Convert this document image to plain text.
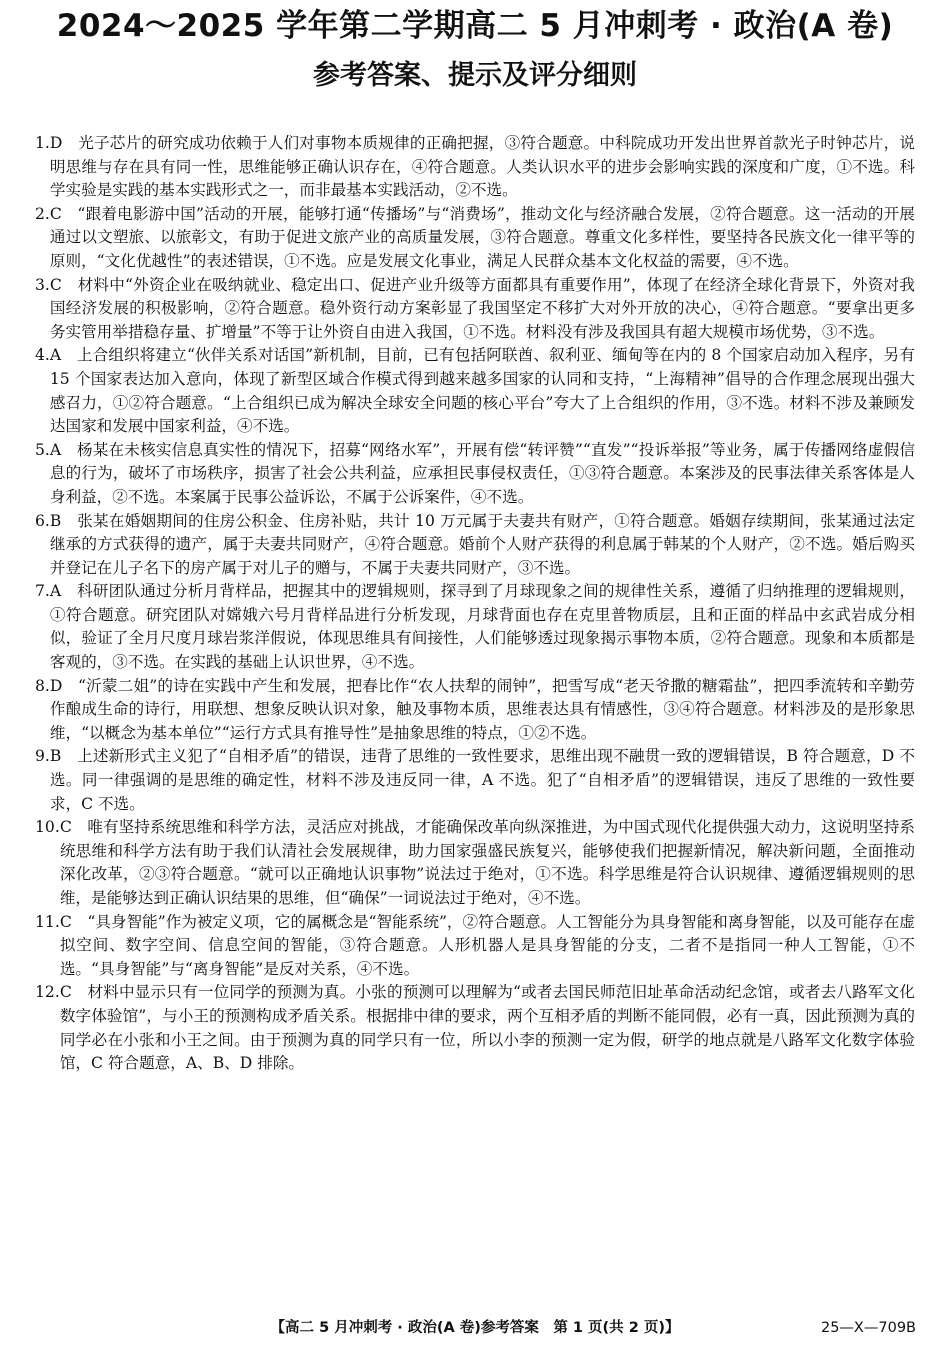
2024～2025 学年第二学期高二 5 月冲刺考 · 政治(A 卷)
参考答案、提示及评分细则
1. D  光子芯片的研究成功依赖于人们对事物本质规律的正确把握，③符合题意。中科院成功开发出世界首款光子时钟芯片，说明思维与存在具有同一性，思维能够正确认识存在，④符合题意。人类认识水平的进步会影响实践的深度和广度，①不选。科学实验是实践的基本实践形式之一，而非最基本实践活动，②不选。
2. C  “跟着电影游中国”活动的开展，能够打通“传播场”与“消费场”，推动文化与经济融合发展，②符合题意。这一活动的开展通过以文塑旅、以旅彰文，有助于促进文旅产业的高质量发展，③符合题意。尊重文化多样性，要坚持各民族文化一律平等的原则，“文化优越性”的表述错误，①不选。应是发展文化事业，满足人民群众基本文化权益的需要，④不选。
3. C  材料中“外资企业在吸纳就业、稳定出口、促进产业升级等方面都具有重要作用”，体现了在经济全球化背景下，外资对我国经济发展的积极影响，②符合题意。稳外资行动方案彰显了我国坚定不移扩大对外开放的决心，④符合题意。“要拿出更多务实管用举措稳存量、扩增量”不等于让外资自由进入我国，①不选。材料没有涉及我国具有超大规模市场优势，③不选。
4. A  上合组织将建立“伙伴关系对话国”新机制，目前，已有包括阿联酋、叙利亚、缅甸等在内的 8 个国家启动加入程序，另有 15 个国家表达加入意向，体现了新型区域合作模式得到越来越多国家的认同和支持，“上海精神”倡导的合作理念展现出强大感召力，①②符合题意。“上合组织已成为解决全球安全问题的核心平台”夸大了上合组织的作用，③不选。材料不涉及兼顾发达国家和发展中国家利益，④不选。
5. A  杨某在未核实信息真实性的情况下，招募“网络水军”，开展有偿“转评赞”“直发”“投诉举报”等业务，属于传播网络虚假信息的行为，破坏了市场秩序，损害了社会公共利益，应承担民事侵权责任，①③符合题意。本案涉及的民事法律关系客体是人身利益，②不选。本案属于民事公益诉讼，不属于公诉案件，④不选。
6. B  张某在婚姻期间的住房公积金、住房补贴，共计 10 万元属于夫妻共有财产，①符合题意。婚姻存续期间，张某通过法定继承的方式获得的遗产，属于夫妻共同财产，④符合题意。婚前个人财产获得的利息属于韩某的个人财产，②不选。婚后购买并登记在儿子名下的房产属于对儿子的赠与，不属于夫妻共同财产，③不选。
7. A  科研团队通过分析月背样品，把握其中的逻辑规则，探寻到了月球现象之间的规律性关系，遵循了归纳推理的逻辑规则，①符合题意。研究团队对嫦娥六号月背样品进行分析发现，月球背面也存在克里普物质层，且和正面的样品中玄武岩成分相似，验证了全月尺度月球岩浆洋假说，体现思维具有间接性，人们能够透过现象揭示事物本质，②符合题意。现象和本质都是客观的，③不选。在实践的基础上认识世界，④不选。
8. D  “沂蒙二姐”的诗在实践中产生和发展，把春比作“农人扶犁的闹钟”，把雪写成“老天爷撒的糖霜盐”，把四季流转和辛勤劳作酿成生命的诗行，用联想、想象反映认识对象，触及事物本质，思维表达具有情感性，③④符合题意。材料涉及的是形象思维，“以概念为基本单位”“运行方式具有推导性”是抽象思维的特点，①②不选。
9. B  上述新形式主义犯了“自相矛盾”的错误，违背了思维的一致性要求，思维出现不融贯一致的逻辑错误，B 符合题意，D 不选。同一律强调的是思维的确定性，材料不涉及违反同一律，A 不选。犯了“自相矛盾”的逻辑错误，违反了思维的一致性要求，C 不选。
10. C  唯有坚持系统思维和科学方法，灵活应对挑战，才能确保改革向纵深推进，为中国式现代化提供强大动力，这说明坚持系统思维和科学方法有助于我们认清社会发展规律，助力国家强盛民族复兴，能够使我们把握新情况，解决新问题，全面推动深化改革，②③符合题意。“就可以正确地认识事物”说法过于绝对，①不选。科学思维是符合认识规律、遵循逻辑规则的思维，是能够达到正确认识结果的思维，但“确保”一词说法过于绝对，④不选。
11. C  “具身智能”作为被定义项，它的属概念是“智能系统”，②符合题意。人工智能分为具身智能和离身智能，以及可能存在虚拟空间、数字空间、信息空间的智能，③符合题意。人形机器人是具身智能的分支，二者不是指同一种人工智能，①不选。“具身智能”与“离身智能”是反对关系，④不选。
12. C  材料中显示只有一位同学的预测为真。小张的预测可以理解为“或者去国民师范旧址革命活动纪念馆，或者去八路军文化数字体验馆”，与小王的预测构成矛盾关系。根据排中律的要求，两个互相矛盾的判断不能同假，必有一真，因此预测为真的同学必在小张和小王之间。由于预测为真的同学只有一位，所以小李的预测一定为假，研学的地点就是八路军文化数字体验馆，C 符合题意，A、B、D 排除。
【高二 5 月冲刺考 · 政治(A 卷)参考答案　第 1 页(共 2 页)】	25—X—709B
